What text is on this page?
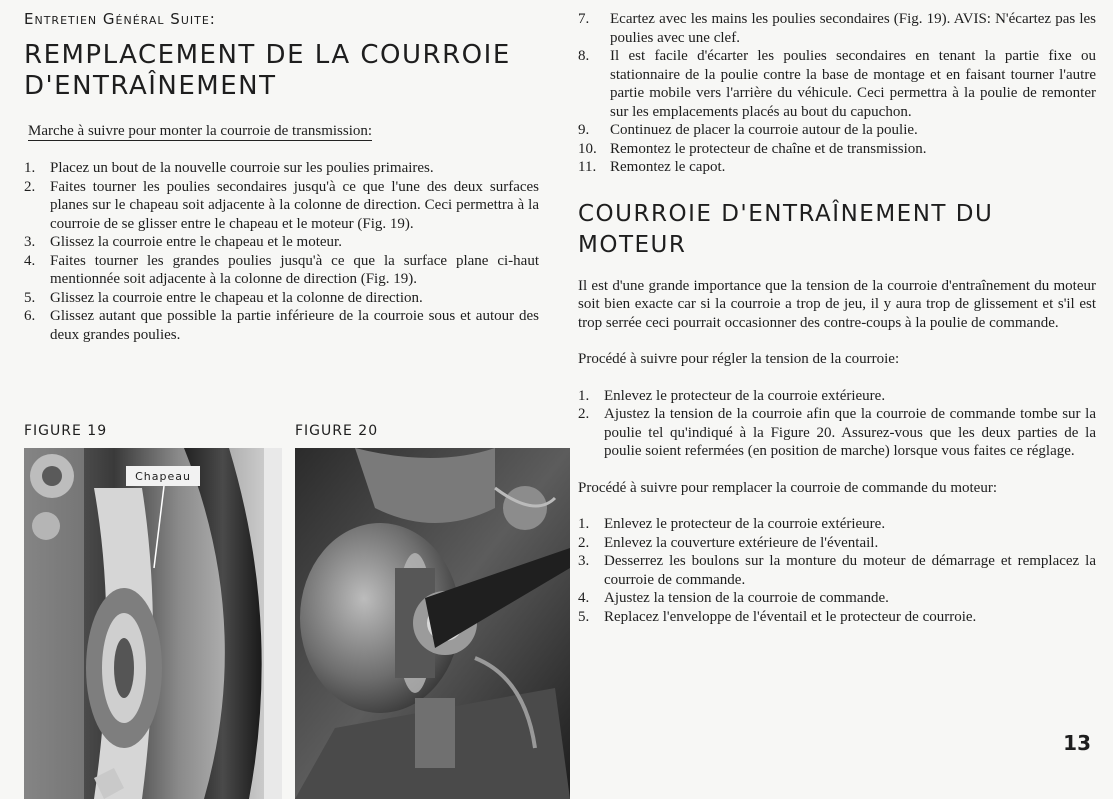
Entretien Général Suite:
REMPLACEMENT DE LA COURROIE D'ENTRAÎNEMENT
Marche à suivre pour monter la courroie de transmission:
1. Placez un bout de la nouvelle courroie sur les poulies primaires.
2. Faites tourner les poulies secondaires jusqu'à ce que l'une des deux surfaces planes sur le chapeau soit adjacente à la colonne de direction. Ceci permettra à la courroie de se glisser entre le chapeau et le moteur (Fig. 19).
3. Glissez la courroie entre le chapeau et le moteur.
4. Faites tourner les grandes poulies jusqu'à ce que la surface plane ci-haut mentionnée soit adjacente à la colonne de direction (Fig. 19).
5. Glissez la courroie entre le chapeau et la colonne de direction.
6. Glissez autant que possible la partie inférieure de la courroie sous et autour des deux grandes poulies.
FIGURE 19	FIGURE 20
Chapeau
7. Ecartez avec les mains les poulies secondaires (Fig. 19). AVIS: N'écartez pas les poulies avec une clef.
8. Il est facile d'écarter les poulies secondaires en tenant la partie fixe ou stationnaire de la poulie contre la base de montage et en faisant tourner l'autre partie mobile vers l'arrière du véhicule. Ceci permettra à la poulie de remonter sur les emplacements placés au bout du capuchon.
9. Continuez de placer la courroie autour de la poulie.
10. Remontez le protecteur de chaîne et de transmission.
11. Remontez le capot.
COURROIE D'ENTRAÎNEMENT DU MOTEUR

Il est d'une grande importance que la tension de la courroie d'entraînement du moteur soit bien exacte car si la courroie a trop de jeu, il y aura trop de glissement et s'il est trop serrée ceci pourrait occasionner des contre-coups à la poulie de commande.

Procédé à suivre pour régler la tension de la courroie:

1. Enlevez le protecteur de la courroie extérieure.
2. Ajustez la tension de la courroie afin que la courroie de commande tombe sur la poulie tel qu'indiqué à la Figure 20. Assurez-vous que les deux parties de la poulie soient refermées (en position de marche) lorsque vous faites ce réglage.

Procédé à suivre pour remplacer la courroie de commande du moteur:

1. Enlevez le protecteur de la courroie extérieure.
2. Enlevez la couverture extérieure de l'éventail.
3. Desserrez les boulons sur la monture du moteur de démarrage et remplacez la courroie de commande.
4. Ajustez la tension de la courroie de commande.
5. Replacez l'enveloppe de l'éventail et le protecteur de courroie.
13
